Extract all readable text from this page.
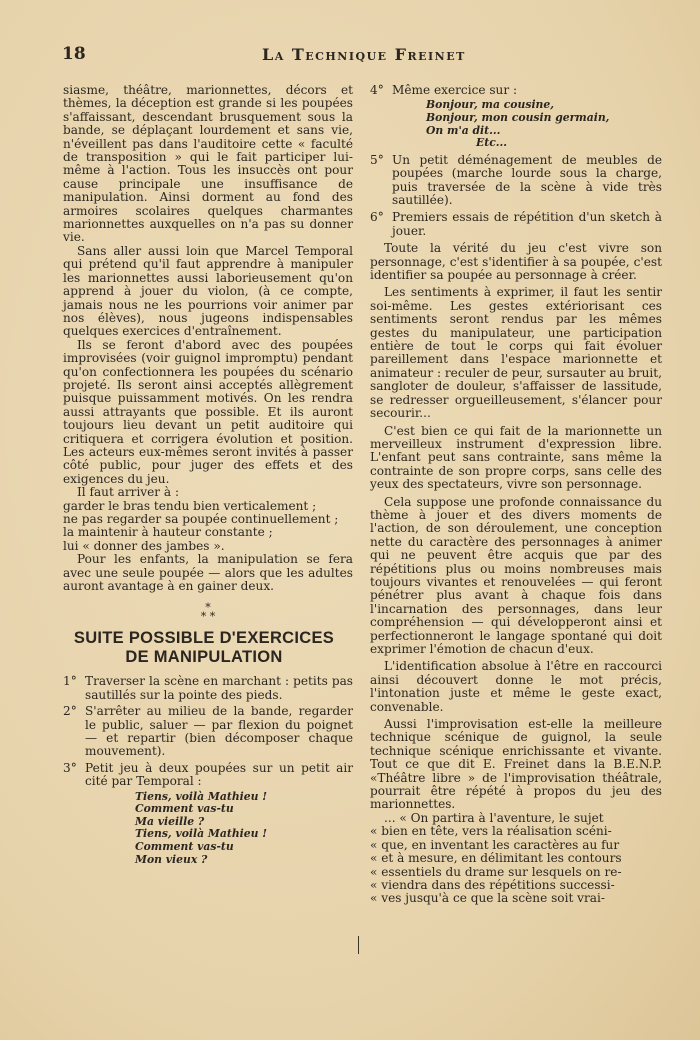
18	La Technique Freinet

siasme, théâtre, marionnettes, décors et thèmes, la déception est grande si les poupées s'affaissant, descendant brusquement sous la bande, se déplaçant lourdement et sans vie, n'éveillent pas dans l'auditoire cette « faculté de transposition » qui le fait participer lui-même à l'action. Tous les insuccès ont pour cause principale une insuffisance de manipulation. Ainsi dorment au fond des armoires scolaires quelques charmantes marionnettes auxquelles on n'a pas su donner vie.

Sans aller aussi loin que Marcel Temporal qui prétend qu'il faut apprendre à manipuler les marionnettes aussi laborieusement qu'on apprend à jouer du violon, (à ce compte, jamais nous ne les pourrions voir animer par nos élèves), nous jugeons indispensables quelques exercices d'entraînement.

Ils se feront d'abord avec des poupées improvisées (voir guignol impromptu) pendant qu'on confectionnera les poupées du scénario projeté. Ils seront ainsi acceptés allègrement puisque puissamment motivés. On les rendra aussi attrayants que possible. Et ils auront toujours lieu devant un petit auditoire qui critiquera et corrigera évolution et position. Les acteurs eux-mêmes seront invités à passer côté public, pour juger des effets et des exigences du jeu.

Il faut arriver à :

garder le bras tendu bien verticalement ;

ne pas regarder sa poupée continuellement ;

la maintenir à hauteur constante ;

lui « donner des jambes ».

Pour les enfants, la manipulation se fera avec une seule poupée — alors que les adultes auront avantage à en gainer deux.

*
* *
SUITE POSSIBLE D'EXERCICES
DE MANIPULATION
1° Traverser la scène en marchant : petits pas sautillés sur la pointe des pieds.
2° S'arrêter au milieu de la bande, regarder le public, saluer — par flexion du poignet — et repartir (bien décomposer chaque mouvement).
3° Petit jeu à deux poupées sur un petit air cité par Temporal :
Tiens, voilà Mathieu !
Comment vas-tu
Ma vieille ?
Tiens, voilà Mathieu !
Comment vas-tu
Mon vieux ?
4° Même exercice sur :
Bonjour, ma cousine,
Bonjour, mon cousin germain,
On m'a dit...
Etc...
5° Un petit déménagement de meubles de poupées (marche lourde sous la charge, puis traversée de la scène à vide très sautillée).
6° Premiers essais de répétition d'un sketch à jouer.

Toute la vérité du jeu c'est vivre son personnage, c'est s'identifier à sa poupée, c'est identifier sa poupée au personnage à créer.

Les sentiments à exprimer, il faut les sentir soi-même. Les gestes extériorisant ces sentiments seront rendus par les mêmes gestes du manipulateur, une participation entière de tout le corps qui fait évoluer pareillement dans l'espace marionnette et animateur : reculer de peur, sursauter au bruit, sangloter de douleur, s'affaisser de lassitude, se redresser orgueilleusement, s'élancer pour secourir...

C'est bien ce qui fait de la marionnette un merveilleux instrument d'expression libre. L'enfant peut sans contrainte, sans même la contrainte de son propre corps, sans celle des yeux des spectateurs, vivre son personnage.

Cela suppose une profonde connaissance du thème à jouer et des divers moments de l'action, de son déroulement, une conception nette du caractère des personnages à animer qui ne peuvent être acquis que par des répétitions plus ou moins nombreuses mais toujours vivantes et renouvelées — qui feront pénétrer plus avant à chaque fois dans l'incarnation des personnages, dans leur compréhension — qui développeront ainsi et perfectionneront le langage spontané qui doit exprimer l'émotion de chacun d'eux.

L'identification absolue à l'être en raccourci ainsi découvert donne le mot précis, l'intonation juste et même le geste exact, convenable.

Aussi l'improvisation est-elle la meilleure technique scénique de guignol, la seule technique scénique enrichissante et vivante. Tout ce que dit E. Freinet dans la B.E.N.P. «Théâtre libre » de l'improvisation théâtrale, pourrait être répété à propos du jeu des marionnettes.

... « On partira à l'aventure, le sujet

« bien en tête, vers la réalisation scéni-

« que, en inventant les caractères au fur

« et à mesure, en délimitant les contours

« essentiels du drame sur lesquels on re-

« viendra dans des répétitions successi-

« ves jusqu'à ce que la scène soit vrai-
